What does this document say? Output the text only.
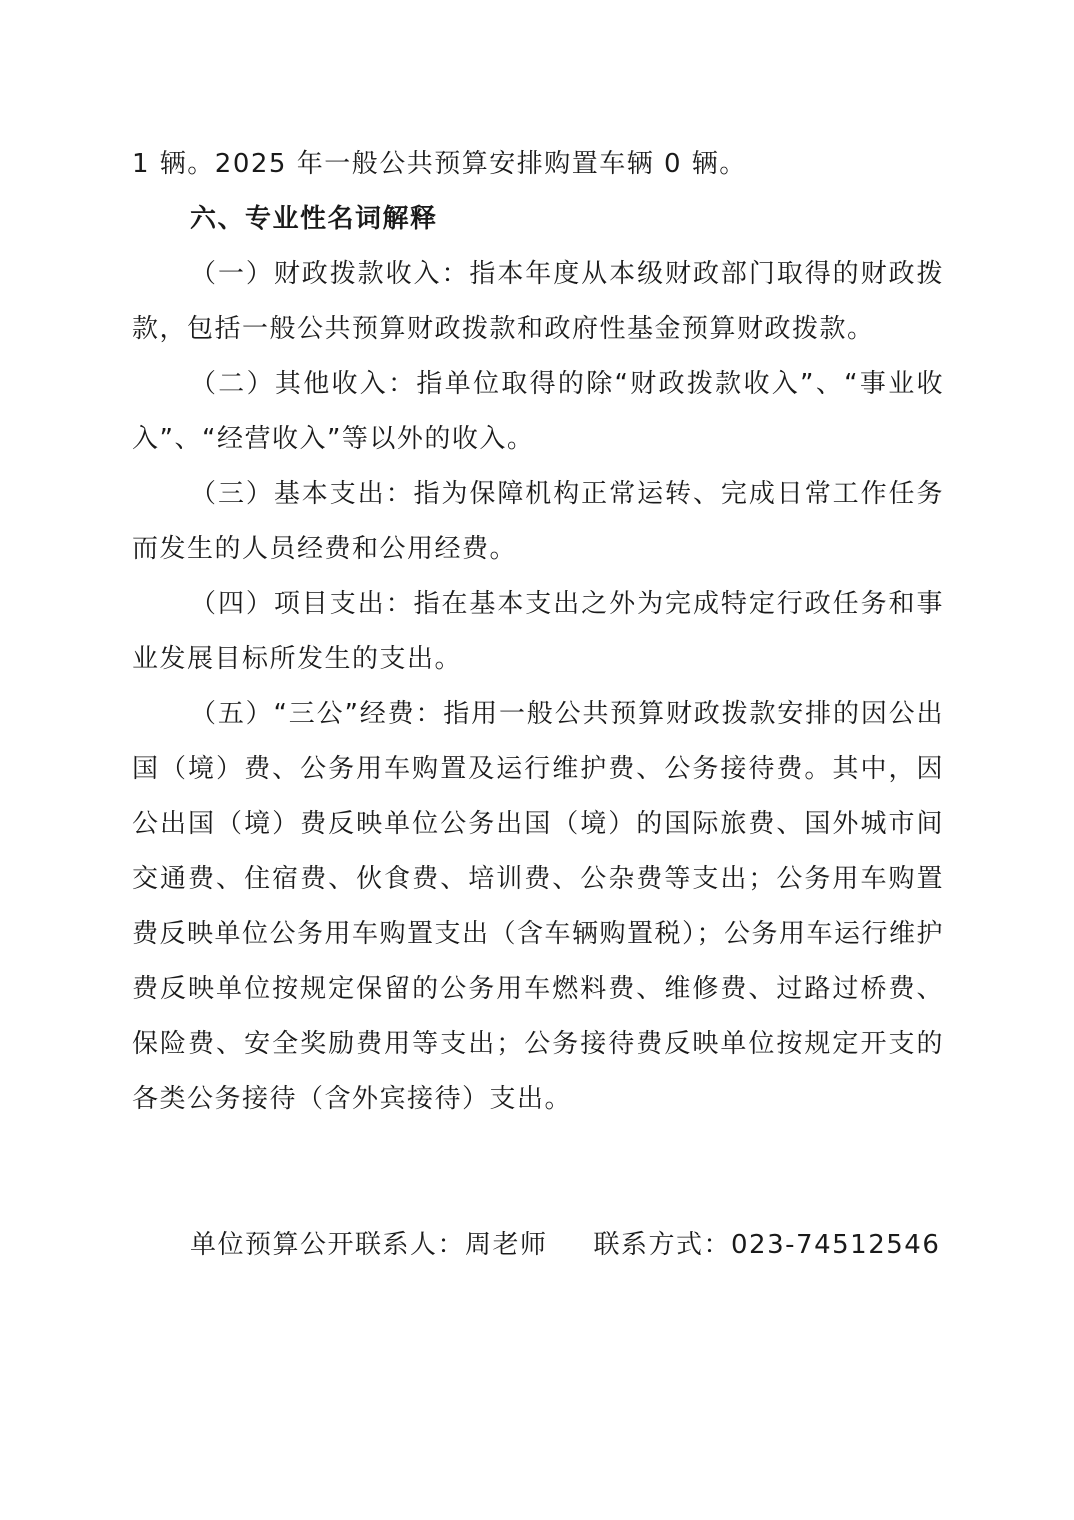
1 辆。2025 年一般公共预算安排购置车辆 0 辆。

六、专业性名词解释

（一）财政拨款收入：指本年度从本级财政部门取得的财政拨款，包括一般公共预算财政拨款和政府性基金预算财政拨款。

（二）其他收入：指单位取得的除“财政拨款收入”、“事业收入”、“经营收入”等以外的收入。

（三）基本支出：指为保障机构正常运转、完成日常工作任务而发生的人员经费和公用经费。

（四）项目支出：指在基本支出之外为完成特定行政任务和事业发展目标所发生的支出。

（五）“三公”经费：指用一般公共预算财政拨款安排的因公出国（境）费、公务用车购置及运行维护费、公务接待费。其中，因公出国（境）费反映单位公务出国（境）的国际旅费、国外城市间交通费、住宿费、伙食费、培训费、公杂费等支出；公务用车购置费反映单位公务用车购置支出（含车辆购置税）；公务用车运行维护费反映单位按规定保留的公务用车燃料费、维修费、过路过桥费、保险费、安全奖励费用等支出；公务接待费反映单位按规定开支的各类公务接待（含外宾接待）支出。

单位预算公开联系人：周老师 联系方式：023-74512546
